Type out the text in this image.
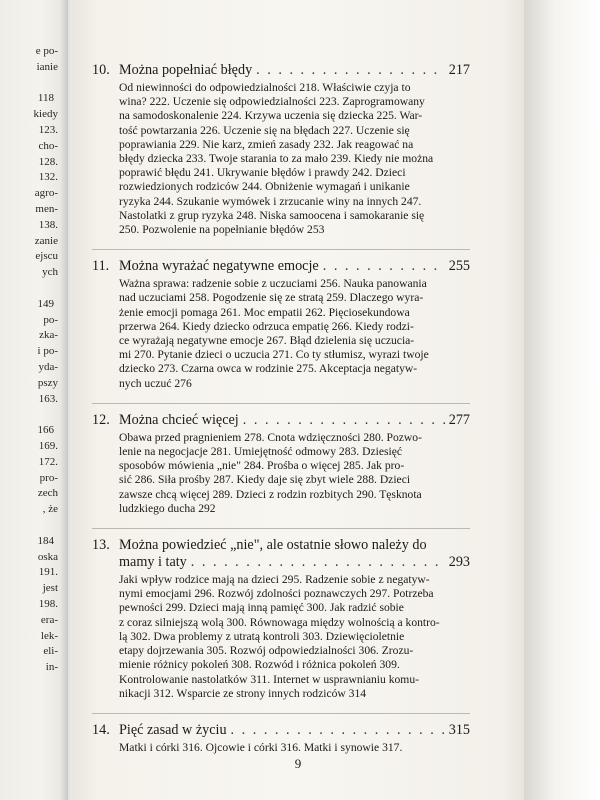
e po-
ianie
118
kiedy
123.
cho-
128.
132.
agro-
men-
138.
zanie
ejscu
ych
149
po-
zka-
i po-
yda-
pszy
163.
166
169.
172.
pro-
zech
, że
184
oska
191.
jest
198.
era-
lek-
eli-
in-
10. Można popełniać błędy . . .	217
Od niewinności do odpowiedzialności 218. Właściwie czyja to
wina? 222. Uczenie się odpowiedzialności 223. Zaprogramowany
na samodoskonalenie 224. Krzywa uczenia się dziecka 225. War-
tość powtarzania 226. Uczenie się na błędach 227. Uczenie się
poprawiania 229. Nie karz, zmień zasady 232. Jak reagować na
błędy dziecka 233. Twoje starania to za mało 239. Kiedy nie można
poprawić błędu 241. Ukrywanie błędów i prawdy 242. Dzieci
rozwiedzionych rodziców 244. Obniżenie wymagań i unikanie
ryzyka 244. Szukanie wymówek i zrzucanie winy na innych 247.
Nastolatki z grup ryzyka 248. Niska samoocena i samokaranie się
250. Pozwolenie na popełnianie błędów 253
11. Można wyrażać negatywne emocje . . .	255
Ważna sprawa: radzenie sobie z uczuciami 256. Nauka panowania
nad uczuciami 258. Pogodzenie się ze stratą 259. Dlaczego wyra-
żenie emocji pomaga 261. Moc empatii 262. Pięciosekundowa
przerwa 264. Kiedy dziecko odrzuca empatię 266. Kiedy rodzi-
ce wyrażają negatywne emocje 267. Błąd dzielenia się uczucia-
mi 270. Pytanie dzieci o uczucia 271. Co ty stłumisz, wyrazi twoje
dziecko 273. Czarna owca w rodzinie 275. Akceptacja negatyw-
nych uczuć 276
12. Można chcieć więcej . . .	277
Obawa przed pragnieniem 278. Cnota wdzięczności 280. Pozwo-
lenie na negocjacje 281. Umiejętność odmowy 283. Dziesięć
sposobów mówienia „nie" 284. Prośba o więcej 285. Jak pro-
sić 286. Siła prośby 287. Kiedy daje się zbyt wiele 288. Dzieci
zawsze chcą więcej 289. Dzieci z rodzin rozbitych 290. Tęsknota
ludzkiego ducha 292
13. Można powiedzieć „nie", ale ostatnie słowo należy do
mamy i taty . . .	293
Jaki wpływ rodzice mają na dzieci 295. Radzenie sobie z negatyw-
nymi emocjami 296. Rozwój zdolności poznawczych 297. Potrzeba
pewności 299. Dzieci mają inną pamięć 300. Jak radzić sobie
z coraz silniejszą wolą 300. Równowaga między wolnością a kontro-
lą 302. Dwa problemy z utratą kontroli 303. Dziewięcioletnie
etapy dojrzewania 305. Rozwój odpowiedzialności 306. Zrozu-
mienie różnicy pokoleń 308. Rozwód i różnica pokoleń 309.
Kontrolowanie nastolatków 311. Internet w usprawnianiu komu-
nikacji 312. Wsparcie ze strony innych rodziców 314
14. Pięć zasad w życiu . . .	315
Matki i córki 316. Ojcowie i córki 316. Matki i synowie 317.
9
